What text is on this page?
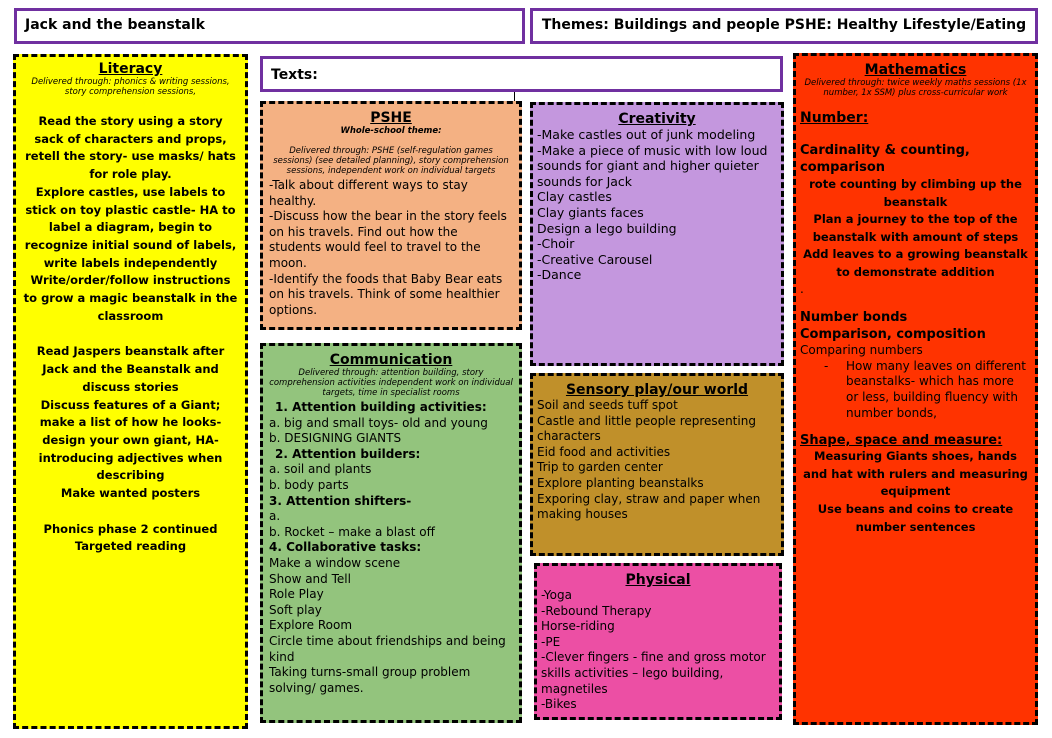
Jack and the beanstalk	Themes: Buildings and people PSHE: Healthy Lifestyle/Eating
Texts:
Literacy
Delivered through: phonics & writing sessions, story comprehension sessions,
Read the story using a story sack of characters and props, retell the story- use masks/ hats for role play.
Explore castles, use labels to stick on toy plastic castle- HA to label a diagram, begin to recognize initial sound of labels, write labels independently
Write/order/follow instructions to grow a magic beanstalk in the classroom
Read Jaspers beanstalk after Jack and the Beanstalk and discuss stories
Discuss features of a Giant; make a list of how he looks- design your own giant, HA- introducing adjectives when describing
Make wanted posters
Phonics phase 2 continued
Targeted reading
PSHE
Whole-school theme:
Delivered through: PSHE (self-regulation games sessions) (see detailed planning), story comprehension sessions, independent work on individual targets
-Talk about different ways to stay healthy.
-Discuss how the bear in the story feels on his travels. Find out how the students would feel to travel to the moon.
-Identify the foods that Baby Bear eats on his travels. Think of some healthier options.
Creativity
-Make castles out of junk modeling
-Make a piece of music with low loud sounds for giant and higher quieter sounds for Jack
Clay castles
Clay giants faces
Design a lego building
-Choir
-Creative Carousel
-Dance
Communication
Delivered through: attention building, story comprehension activities independent work on individual targets, time in specialist rooms
1. Attention building activities:
a. big and small toys- old and young
b. DESIGNING GIANTS
2. Attention builders:
a. soil and plants
b. body parts
3. Attention shifters-
a.
b. Rocket – make a blast off
4. Collaborative tasks:
Make a window scene
Show and Tell
Role Play
Soft play
Explore Room
Circle time about friendships and being kind
Taking turns-small group problem solving/ games.
Sensory play/our world
Soil and seeds tuff spot
Castle and little people representing characters
Eid food and activities
Trip to garden center
Explore planting beanstalks
Exporing clay, straw and paper when making houses
Physical
-Yoga
-Rebound Therapy
Horse-riding
-PE
-Clever fingers - fine and gross motor skills activities – lego building, magnetiles
-Bikes
Mathematics
Delivered through: twice weekly maths sessions (1x number, 1x SSM) plus cross-curricular work
Number:
Cardinality & counting, comparison
rote counting by climbing up the beanstalk
Plan a journey to the top of the beanstalk with amount of steps
Add leaves to a growing beanstalk to demonstrate addition
.
Number bonds
Comparison, composition
Comparing numbers
- How many leaves on different beanstalks- which has more or less, building fluency with number bonds,
Shape, space and measure:
Measuring Giants shoes, hands and hat with rulers and measuring equipment
Use beans and coins to create number sentences
